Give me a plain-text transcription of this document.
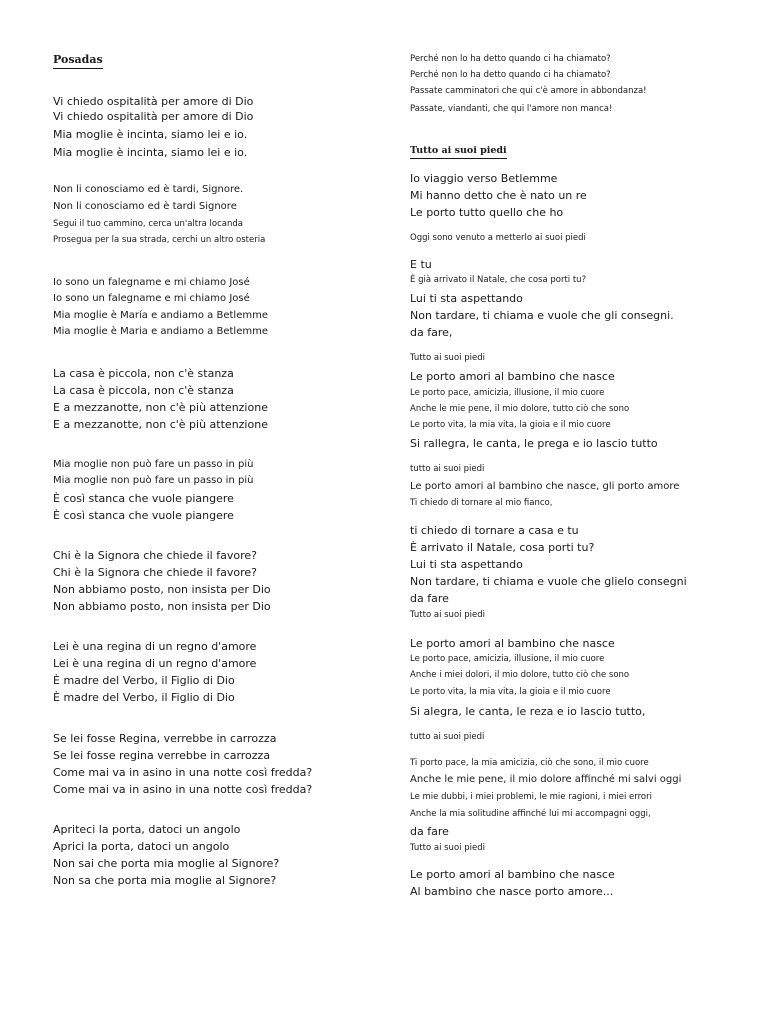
Posadas
Vi chiedo ospitalità per amore di Dio
Vi chiedo ospitalità per amore di Dio
Mia moglie è incinta, siamo lei e io.
Mia moglie è incinta, siamo lei e io.
Non li conosciamo ed è tardi, Signore.
Non li conosciamo ed è tardi Signore
Segui il tuo cammino, cerca un'altra locanda
Prosegua per la sua strada, cerchi un altro osteria
Io sono un falegname e mi chiamo José
Io sono un falegname e mi chiamo José
Mia moglie è María e andiamo a Betlemme
Mia moglie è Maria e andiamo a Betlemme
La casa è piccola, non c'è stanza
La casa è piccola, non c'è stanza
E a mezzanotte, non c'è più attenzione
E a mezzanotte, non c'è più attenzione
Mia moglie non può fare un passo in più
Mia moglie non può fare un passo in più
È così stanca che vuole piangere
È così stanca che vuole piangere
Chi è la Signora che chiede il favore?
Chi è la Signora che chiede il favore?
Non abbiamo posto, non insista per Dio
Non abbiamo posto, non insista per Dio
Lei è una regina di un regno d'amore
Lei è una regina di un regno d'amore
È madre del Verbo, il Figlio di Dio
È madre del Verbo, il Figlio di Dio
Se lei fosse Regina, verrebbe in carrozza
Se lei fosse regina verrebbe in carrozza
Come mai va in asino in una notte così fredda?
Come mai va in asino in una notte così fredda?
Apriteci la porta, datoci un angolo
Aprici la porta, datoci un angolo
Non sai che porta mia moglie al Signore?
Non sa che porta mia moglie al Signore?
Perché non lo ha detto quando ci ha chiamato?
Perché non lo ha detto quando ci ha chiamato?
Passate camminatori che qui c'è amore in abbondanza!
Passate, viandanti, che qui l'amore non manca!
Tutto ai suoi piedi
Io viaggio verso Betlemme
Mi hanno detto che è nato un re
Le porto tutto quello che ho
Oggi sono venuto a metterlo ai suoi piedi
E tu
È già arrivato il Natale, che cosa porti tu?
Lui ti sta aspettando
Non tardare, ti chiama e vuole che gli consegni.
da fare,
Tutto ai suoi piedi
Le porto amori al bambino che nasce
Le porto pace, amicizia, illusione, il mio cuore
Anche le mie pene, il mio dolore, tutto ciò che sono
Le porto vita, la mia vita, la gioia e il mio cuore
Si rallegra, le canta, le prega e io lascio tutto
tutto ai suoi piedi
Le porto amori al bambino che nasce, gli porto amore
Ti chiedo di tornare al mio fianco,
ti chiedo di tornare a casa e tu
È arrivato il Natale, cosa porti tu?
Lui ti sta aspettando
Non tardare, ti chiama e vuole che glielo consegni
da fare
Tutto ai suoi piedi
Le porto amori al bambino che nasce
Le porto pace, amicizia, illusione, il mio cuore
Anche i miei dolori, il mio dolore, tutto ciò che sono
Le porto vita, la mia vita, la gioia e il mio cuore
Si alegra, le canta, le reza e io lascio tutto,
tutto ai suoi piedi
Ti porto pace, la mia amicizia, ciò che sono, il mio cuore
Anche le mie pene, il mio dolore affinché mi salvi oggi
Le mie dubbi, i miei problemi, le mie ragioni, i miei errori
Anche la mia solitudine affinché lui mi accompagni oggi,
da fare
Tutto ai suoi piedi
Le porto amori al bambino che nasce
Al bambino che nasce porto amore...
